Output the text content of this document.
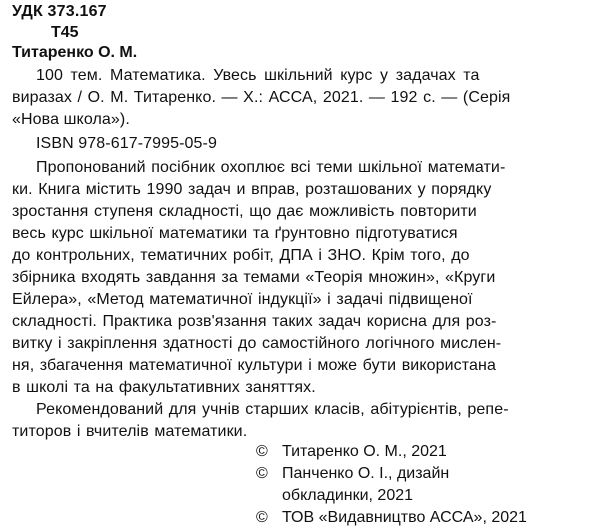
УДК 373.167
Т45
Титаренко О. М.
100 тем. Математика. Увесь шкільний курс у задачах та
виразах / О. М. Титаренко. — Х.: АССА, 2021. — 192 с. — (Серія
«Нова школа»).
ISBN 978-617-7995-05-9
Пропонований посібник охоплює всі теми шкільної математи-
ки. Книга містить 1990 задач и вправ, розташованих у порядку
зростання ступеня складності, що дає можливість повторити
весь курс шкільної математики та ґрунтовно підготуватися
до контрольних, тематичних робіт, ДПА і ЗНО. Крім того, до
збірника входять завдання за темами «Теорія множин», «Круги
Ейлера», «Метод математичної індукції» і задачі підвищеної
складності. Практика розв'язання таких задач корисна для роз-
витку і закріплення здатності до самостійного логічного мислен-
ня, збагачення математичної культури і може бути використана
в школі та на факультативних заняттях.
Рекомендований для учнів старших класів, абітурієнтів, репе-
титоров і вчителів математики.
© Титаренко О. М., 2021
© Панченко О. І., дизайн
обкладинки, 2021
© ТОВ «Видавництво АССА», 2021
